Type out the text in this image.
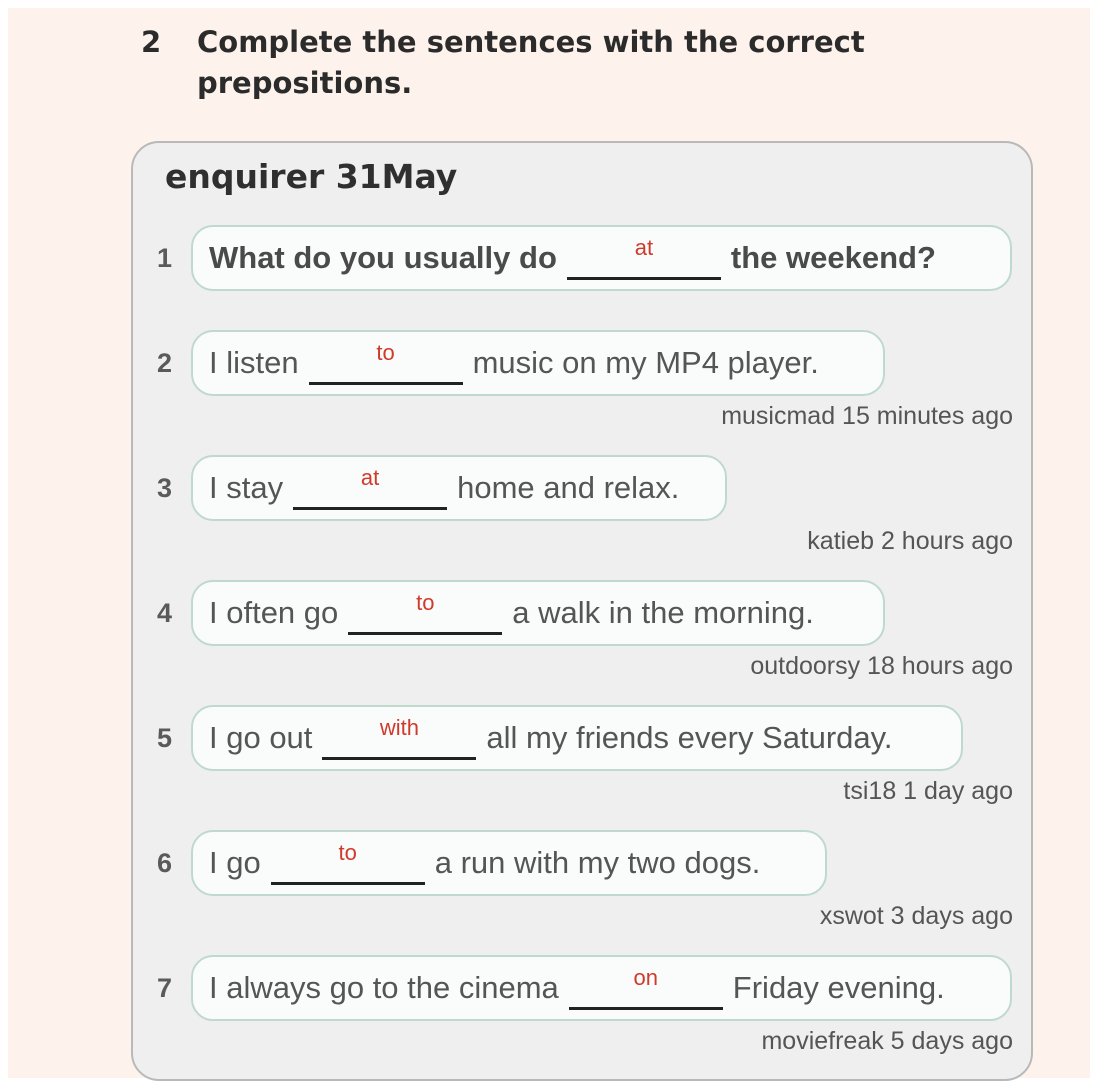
2	Complete the sentences with the correct prepositions.
enquirer 31May
1	What do you usually do	at	the weekend?
2	I listen	to	music on my MP4 player.
musicmad 15 minutes ago
3	I stay	at	home and relax.
katieb 2 hours ago
4	I often go	to	a walk in the morning.
outdoorsy 18 hours ago
5	I go out	with	all my friends every Saturday.
tsi18 1 day ago
6	I go	to	a run with my two dogs.
xswot 3 days ago
7	I always go to the cinema	on	Friday evening.
moviefreak 5 days ago
